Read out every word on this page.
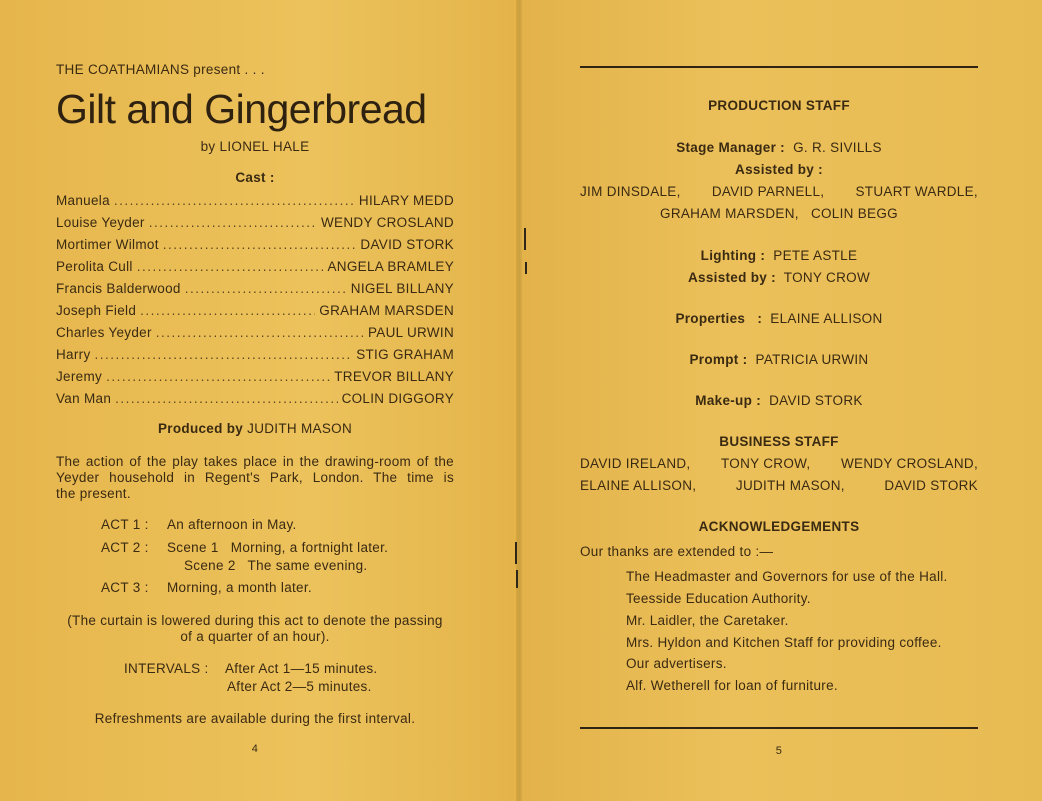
THE COATHAMIANS present . . .
Gilt and Gingerbread
by LIONEL HALE
Cast :
Manuela .....	HILARY MEDD
Louise Yeyder .....	WENDY CROSLAND
Mortimer Wilmot .....	DAVID STORK
Perolita Cull .....	ANGELA BRAMLEY
Francis Balderwood .....	NIGEL BILLANY
Joseph Field .....	GRAHAM MARSDEN
Charles Yeyder .....	PAUL URWIN
Harry .....	STIG GRAHAM
Jeremy .....	TREVOR BILLANY
Van Man .....	COLIN DIGGORY
Produced by JUDITH MASON
The action of the play takes place in the drawing-room of the
Yeyder household in Regent's Park, London. The time is
the present.
ACT 1 : An afternoon in May.
ACT 2 : Scene 1   Morning, a fortnight later.
Scene 2   The same evening.
ACT 3 : Morning, a month later.
(The curtain is lowered during this act to denote the passing
of a quarter of an hour).
INTERVALS : After Act 1—15 minutes.
After Act 2—5 minutes.
Refreshments are available during the first interval.
4
PRODUCTION STAFF
Stage Manager : G. R. SIVILLS
Assisted by :
JIM DINSDALE, DAVID PARNELL, STUART WARDLE,
GRAHAM MARSDEN,   COLIN BEGG
Lighting : PETE ASTLE
Assisted by : TONY CROW
Properties   : ELAINE ALLISON
Prompt : PATRICIA URWIN
Make-up : DAVID STORK
BUSINESS STAFF
DAVID IRELAND, TONY CROW, WENDY CROSLAND,
ELAINE ALLISON,	JUDITH MASON,	DAVID STORK
ACKNOWLEDGEMENTS
Our thanks are extended to :—
The Headmaster and Governors for use of the Hall.
Teesside Education Authority.
Mr. Laidler, the Caretaker.
Mrs. Hyldon and Kitchen Staff for providing coffee.
Our advertisers.
Alf. Wetherell for loan of furniture.
5
